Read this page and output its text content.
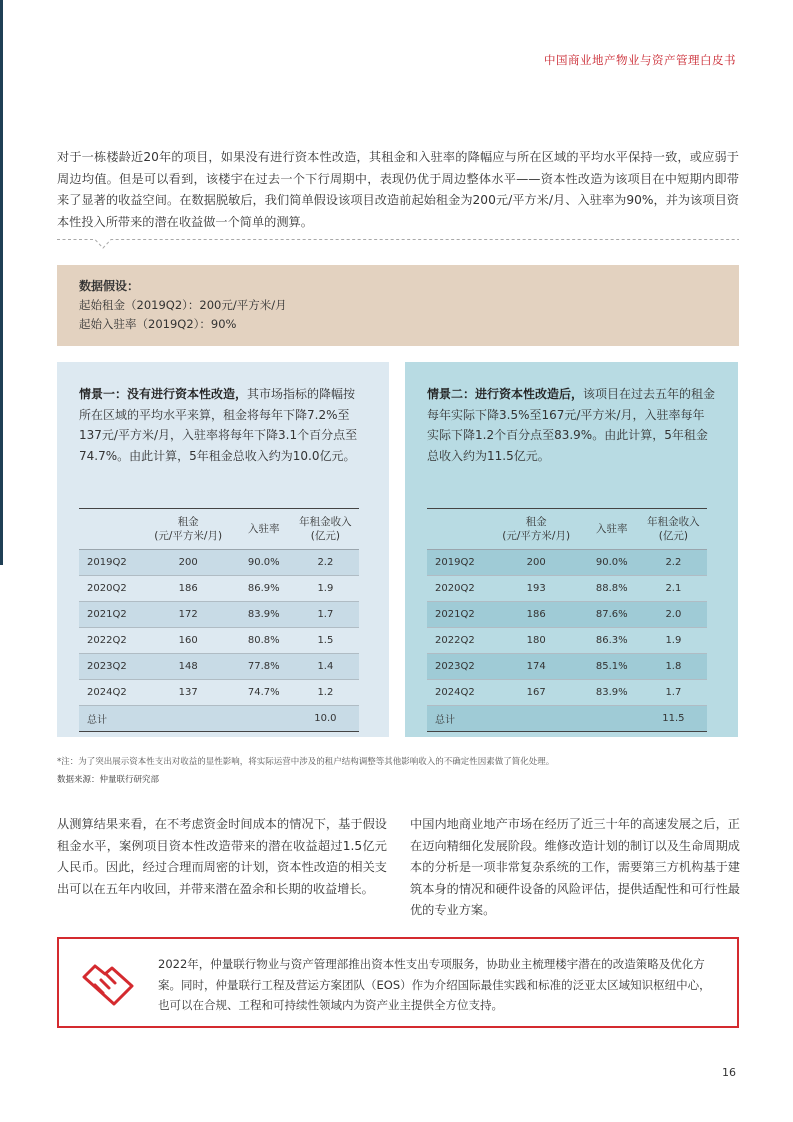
中国商业地产物业与资产管理白皮书

对于一栋楼龄近20年的项目，如果没有进行资本性改造，其租金和入驻率的降幅应与所在区域的平均水平保持一致，或应弱于周边均值。但是可以看到，该楼宇在过去一个下行周期中，表现仍优于周边整体水平——资本性改造为该项目在中短期内即带来了显著的收益空间。在数据脱敏后，我们简单假设该项目改造前起始租金为200元/平方米/月、入驻率为90%，并为该项目资本性投入所带来的潜在收益做一个简单的测算。

数据假设：
起始租金（2019Q2）：200元/平方米/月
起始入驻率（2019Q2）：90%

情景一：没有进行资本性改造，其市场指标的降幅按所在区域的平均水平来算，租金将每年下降7.2%至137元/平方米/月，入驻率将每年下降3.1个百分点至74.7%。由此计算，5年租金总收入约为10.0亿元。

	租金
(元/平方米/月)	入驻率	年租金收入
(亿元)
2019Q2	200	90.0%	2.2
2020Q2	186	86.9%	1.9
2021Q2	172	83.9%	1.7
2022Q2	160	80.8%	1.5
2023Q2	148	77.8%	1.4
2024Q2	137	74.7%	1.2
总计			10.0

情景二：进行资本性改造后，该项目在过去五年的租金每年实际下降3.5%至167元/平方米/月，入驻率每年实际下降1.2个百分点至83.9%。由此计算，5年租金总收入约为11.5亿元。

	租金
(元/平方米/月)	入驻率	年租金收入
(亿元)
2019Q2	200	90.0%	2.2
2020Q2	193	88.8%	2.1
2021Q2	186	87.6%	2.0
2022Q2	180	86.3%	1.9
2023Q2	174	85.1%	1.8
2024Q2	167	83.9%	1.7
总计			11.5
*注：为了突出展示资本性支出对收益的显性影响，将实际运营中涉及的租户结构调整等其他影响收入的不确定性因素做了简化处理。
数据来源：仲量联行研究部

从测算结果来看，在不考虑资金时间成本的情况下，基于假设租金水平，案例项目资本性改造带来的潜在收益超过1.5亿元人民币。因此，经过合理而周密的计划，资本性改造的相关支出可以在五年内收回，并带来潜在盈余和长期的收益增长。

中国内地商业地产市场在经历了近三十年的高速发展之后，正在迈向精细化发展阶段。维修改造计划的制订以及生命周期成本的分析是一项非常复杂系统的工作，需要第三方机构基于建筑本身的情况和硬件设备的风险评估，提供适配性和可行性最优的专业方案。

2022年，仲量联行物业与资产管理部推出资本性支出专项服务，协助业主梳理楼宇潜在的改造策略及优化方案。同时，仲量联行工程及营运方案团队（EOS）作为介绍国际最佳实践和标准的泛亚太区域知识枢纽中心，也可以在合规、工程和可持续性领域内为资产业主提供全方位支持。

16
